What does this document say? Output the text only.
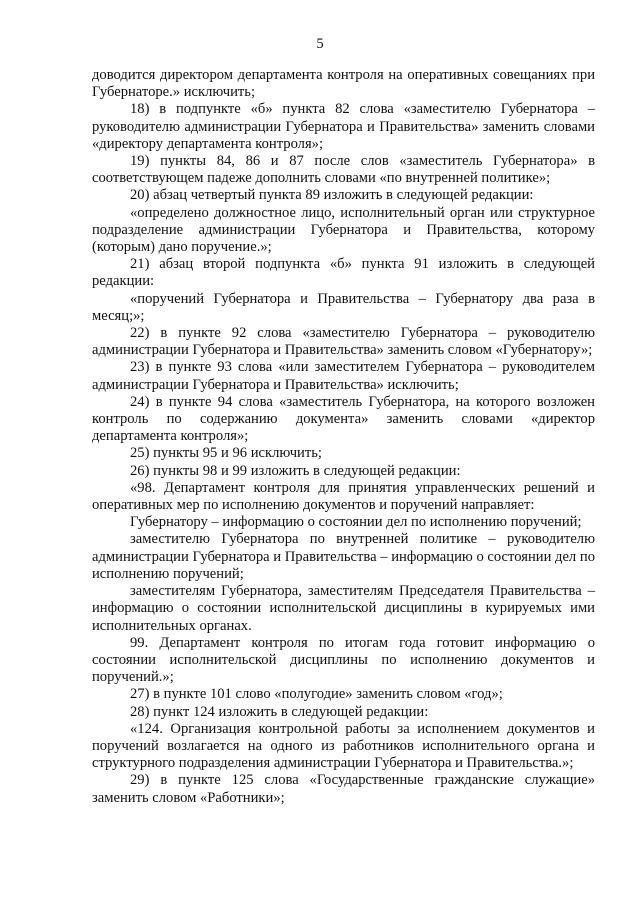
5

доводится директором департамента контроля на оперативных совещаниях при Губернаторе.» исключить;

18) в подпункте «б» пункта 82 слова «заместителю Губернатора – руководителю администрации Губернатора и Правительства» заменить словами «директору департамента контроля»;

19) пункты 84, 86 и 87 после слов «заместитель Губернатора» в соответствующем падеже дополнить словами «по внутренней политике»;

20) абзац четвертый пункта 89 изложить в следующей редакции:

«определено должностное лицо, исполнительный орган или структурное подразделение администрации Губернатора и Правительства, которому (которым) дано поручение.»;

21) абзац второй подпункта «б» пункта 91 изложить в следующей редакции:

«поручений Губернатора и Правительства – Губернатору два раза в месяц;»;

22) в пункте 92 слова «заместителю Губернатора – руководителю администрации Губернатора и Правительства» заменить словом «Губернатору»;

23) в пункте 93 слова «или заместителем Губернатора – руководителем администрации Губернатора и Правительства» исключить;

24) в пункте 94 слова «заместитель Губернатора, на которого возложен контроль по содержанию документа» заменить словами «директор департамента контроля»;

25) пункты 95 и 96 исключить;

26) пункты 98 и 99 изложить в следующей редакции:

«98. Департамент контроля для принятия управленческих решений и оперативных мер по исполнению документов и поручений направляет:

Губернатору – информацию о состоянии дел по исполнению поручений;

заместителю Губернатора по внутренней политике – руководителю администрации Губернатора и Правительства – информацию о состоянии дел по исполнению поручений;

заместителям Губернатора, заместителям Председателя Правительства – информацию о состоянии исполнительской дисциплины в курируемых ими исполнительных органах.

99. Департамент контроля по итогам года готовит информацию о состоянии исполнительской дисциплины по исполнению документов и поручений.»;

27) в пункте 101 слово «полугодие» заменить словом «год»;

28) пункт 124 изложить в следующей редакции:

«124. Организация контрольной работы за исполнением документов и поручений возлагается на одного из работников исполнительного органа и структурного подразделения администрации Губернатора и Правительства.»;

29) в пункте 125 слова «Государственные гражданские служащие» заменить словом «Работники»;
